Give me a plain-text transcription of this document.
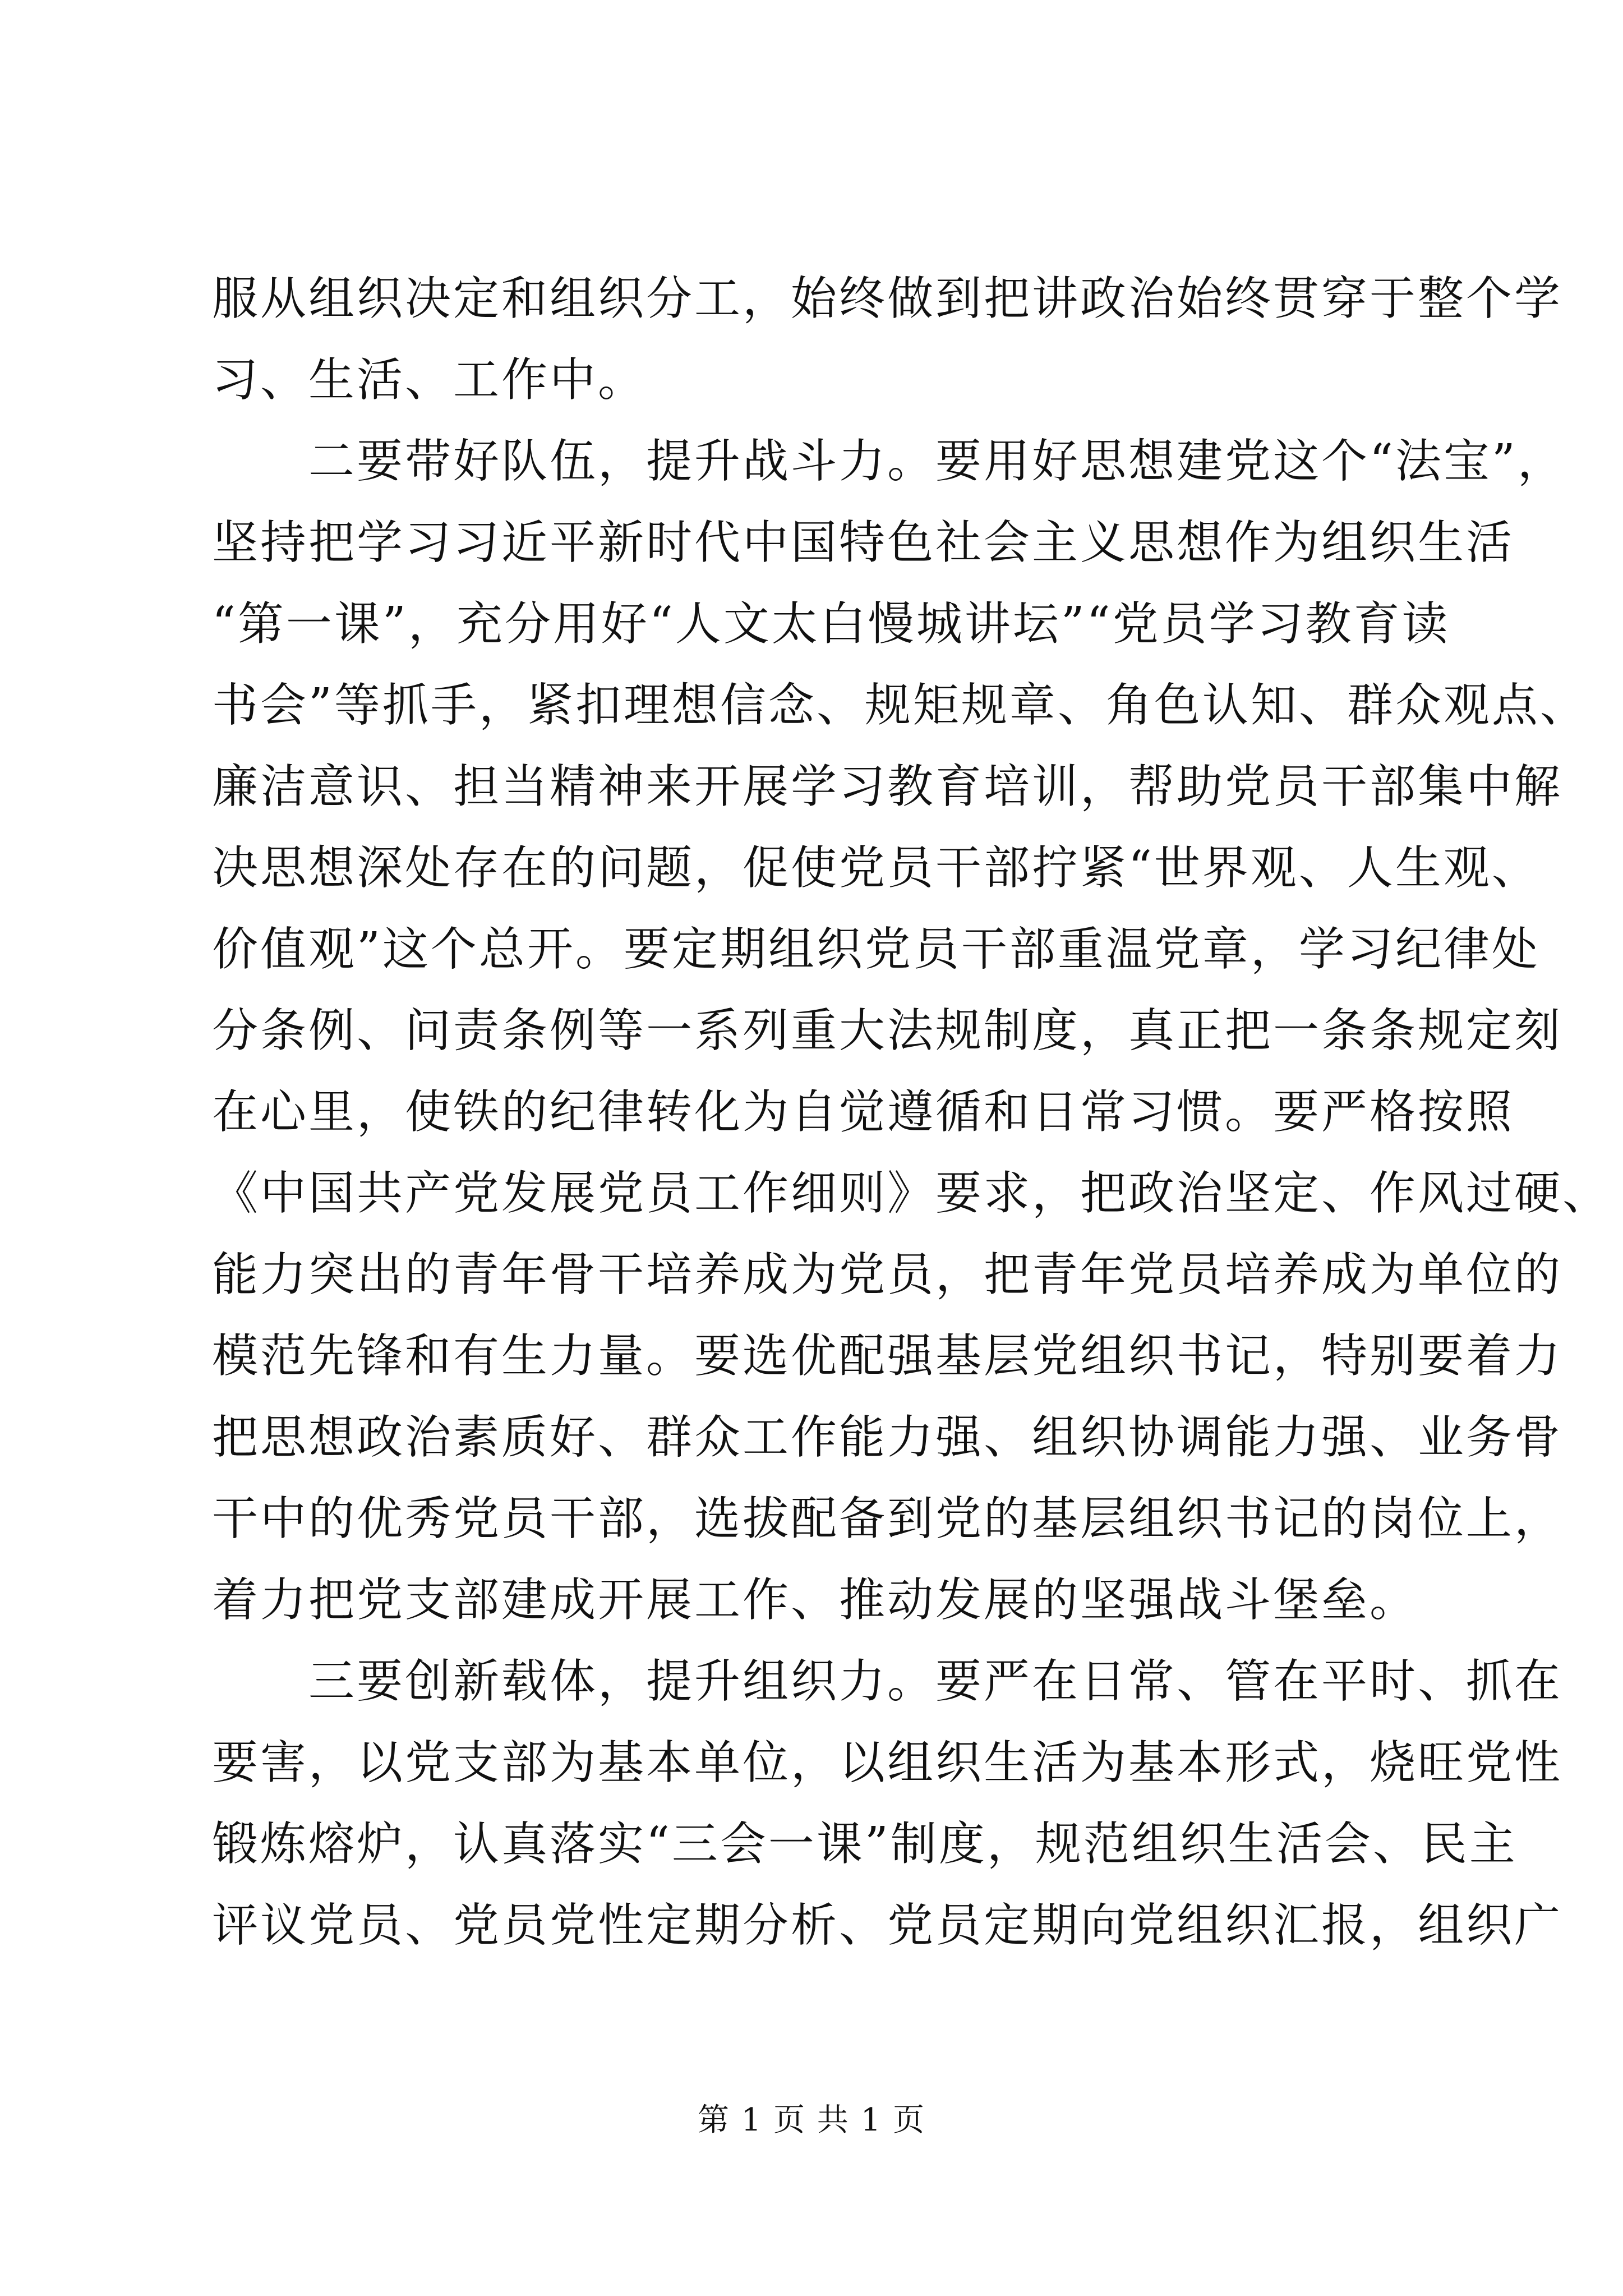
服从组织决定和组织分工，始终做到把讲政治始终贯穿于整个学
习、生活、工作中。
二要带好队伍，提升战斗力。要用好思想建党这个“法宝”，
坚持把学习习近平新时代中国特色社会主义思想作为组织生活
“第一课”，充分用好“人文太白慢城讲坛”“党员学习教育读
书会”等抓手，紧扣理想信念、规矩规章、角色认知、群众观点、
廉洁意识、担当精神来开展学习教育培训，帮助党员干部集中解
决思想深处存在的问题，促使党员干部拧紧“世界观、人生观、
价值观”这个总开。要定期组织党员干部重温党章，学习纪律处
分条例、问责条例等一系列重大法规制度，真正把一条条规定刻
在心里，使铁的纪律转化为自觉遵循和日常习惯。要严格按照
《中国共产党发展党员工作细则》要求，把政治坚定、作风过硬、
能力突出的青年骨干培养成为党员，把青年党员培养成为单位的
模范先锋和有生力量。要选优配强基层党组织书记，特别要着力
把思想政治素质好、群众工作能力强、组织协调能力强、业务骨
干中的优秀党员干部，选拔配备到党的基层组织书记的岗位上，
着力把党支部建成开展工作、推动发展的坚强战斗堡垒。
三要创新载体，提升组织力。要严在日常、管在平时、抓在
要害，以党支部为基本单位，以组织生活为基本形式，烧旺党性
锻炼熔炉，认真落实“三会一课”制度，规范组织生活会、民主
评议党员、党员党性定期分析、党员定期向党组织汇报，组织广
第 1 页 共 1 页
